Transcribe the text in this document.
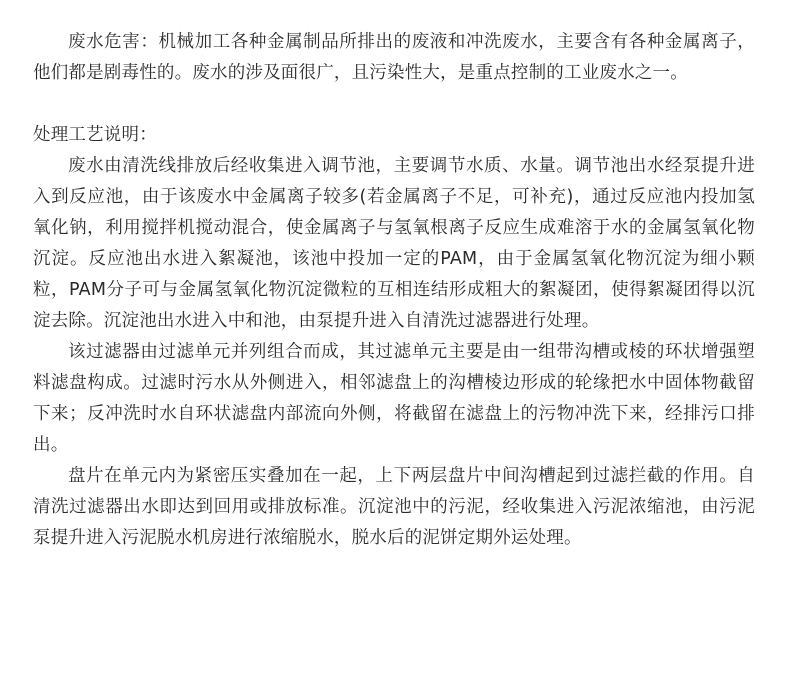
废水危害：机械加工各种金属制品所排出的废液和冲洗废水，主要含有各种金属离子，他们都是剧毒性的。废水的涉及面很广，且污染性大，是重点控制的工业废水之一。

处理工艺说明：

废水由清洗线排放后经收集进入调节池，主要调节水质、水量。调节池出水经泵提升进入到反应池，由于该废水中金属离子较多(若金属离子不足，可补充)，通过反应池内投加氢氧化钠，利用搅拌机搅动混合，使金属离子与氢氧根离子反应生成难溶于水的金属氢氧化物沉淀。反应池出水进入絮凝池，该池中投加一定的PAM，由于金属氢氧化物沉淀为细小颗粒，PAM分子可与金属氢氧化物沉淀微粒的互相连结形成粗大的絮凝团，使得絮凝团得以沉淀去除。沉淀池出水进入中和池，由泵提升进入自清洗过滤器进行处理。

该过滤器由过滤单元并列组合而成，其过滤单元主要是由一组带沟槽或棱的环状增强塑料滤盘构成。过滤时污水从外侧进入，相邻滤盘上的沟槽棱边形成的轮缘把水中固体物截留下来；反冲洗时水自环状滤盘内部流向外侧，将截留在滤盘上的污物冲洗下来，经排污口排出。

盘片在单元内为紧密压实叠加在一起，上下两层盘片中间沟槽起到过滤拦截的作用。自清洗过滤器出水即达到回用或排放标准。沉淀池中的污泥，经收集进入污泥浓缩池，由污泥泵提升进入污泥脱水机房进行浓缩脱水，脱水后的泥饼定期外运处理。
